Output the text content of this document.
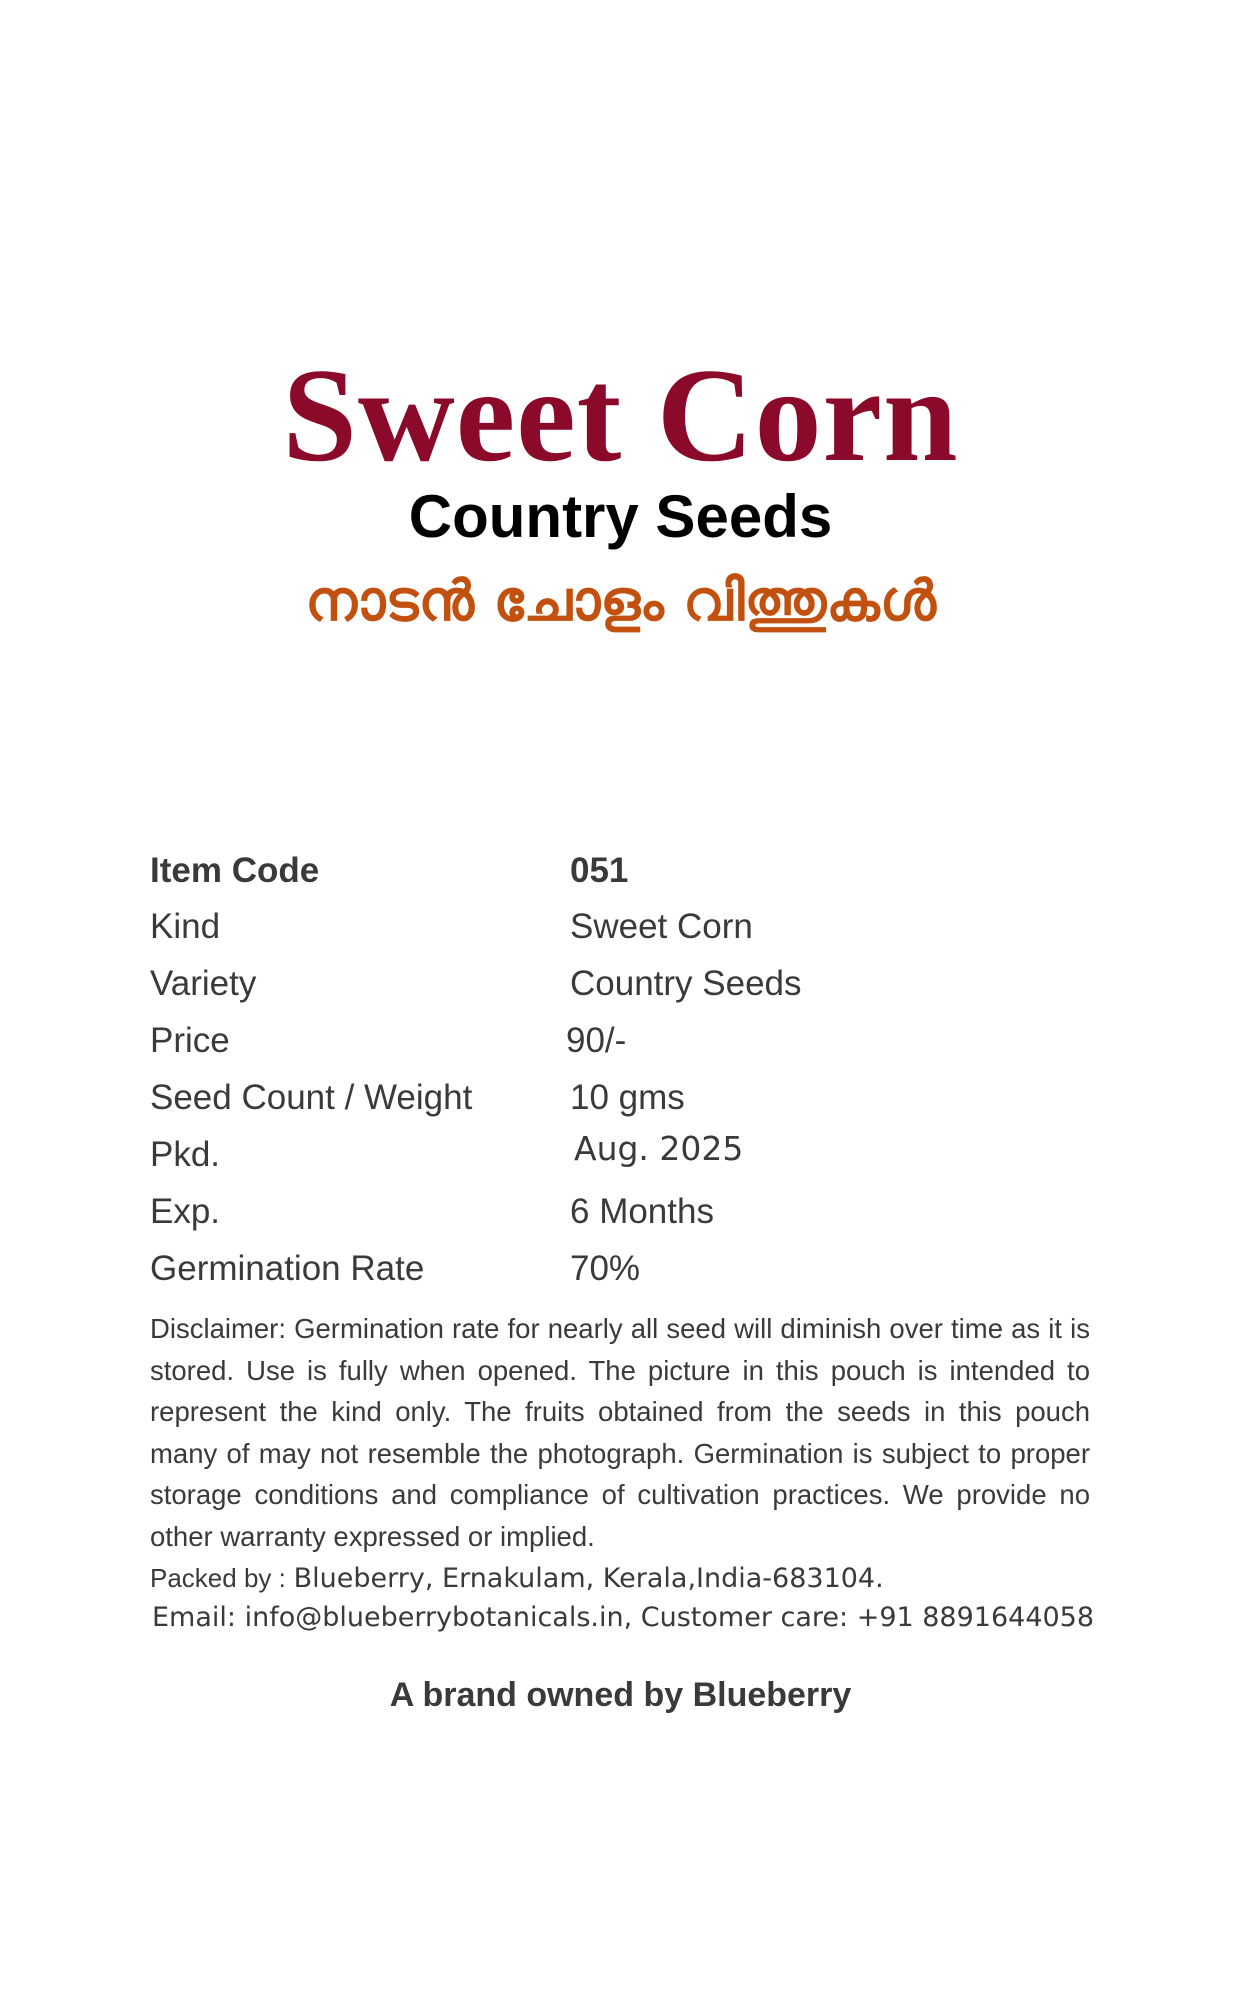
Sweet Corn
Country Seeds
നാടൻ ചോളം വിത്തുകൾ
Item Code	051
Kind	Sweet Corn
Variety	Country Seeds
Price	90/-
Seed Count / Weight	10 gms
Pkd.	Aug. 2025
Exp.	6 Months
Germination Rate	70%
Disclaimer: Germination rate for nearly all seed will diminish over time as it is stored. Use is fully when opened. The picture in this pouch is intended to represent the kind only. The fruits obtained from the seeds in this pouch many of may not resemble the photograph. Germination is subject to proper storage conditions and compliance of cultivation practices. We provide no other warranty expressed or implied.
Packed by : Blueberry, Ernakulam, Kerala,India-683104.
Email: info@blueberrybotanicals.in, Customer care: +91 8891644058
A brand owned by Blueberry
